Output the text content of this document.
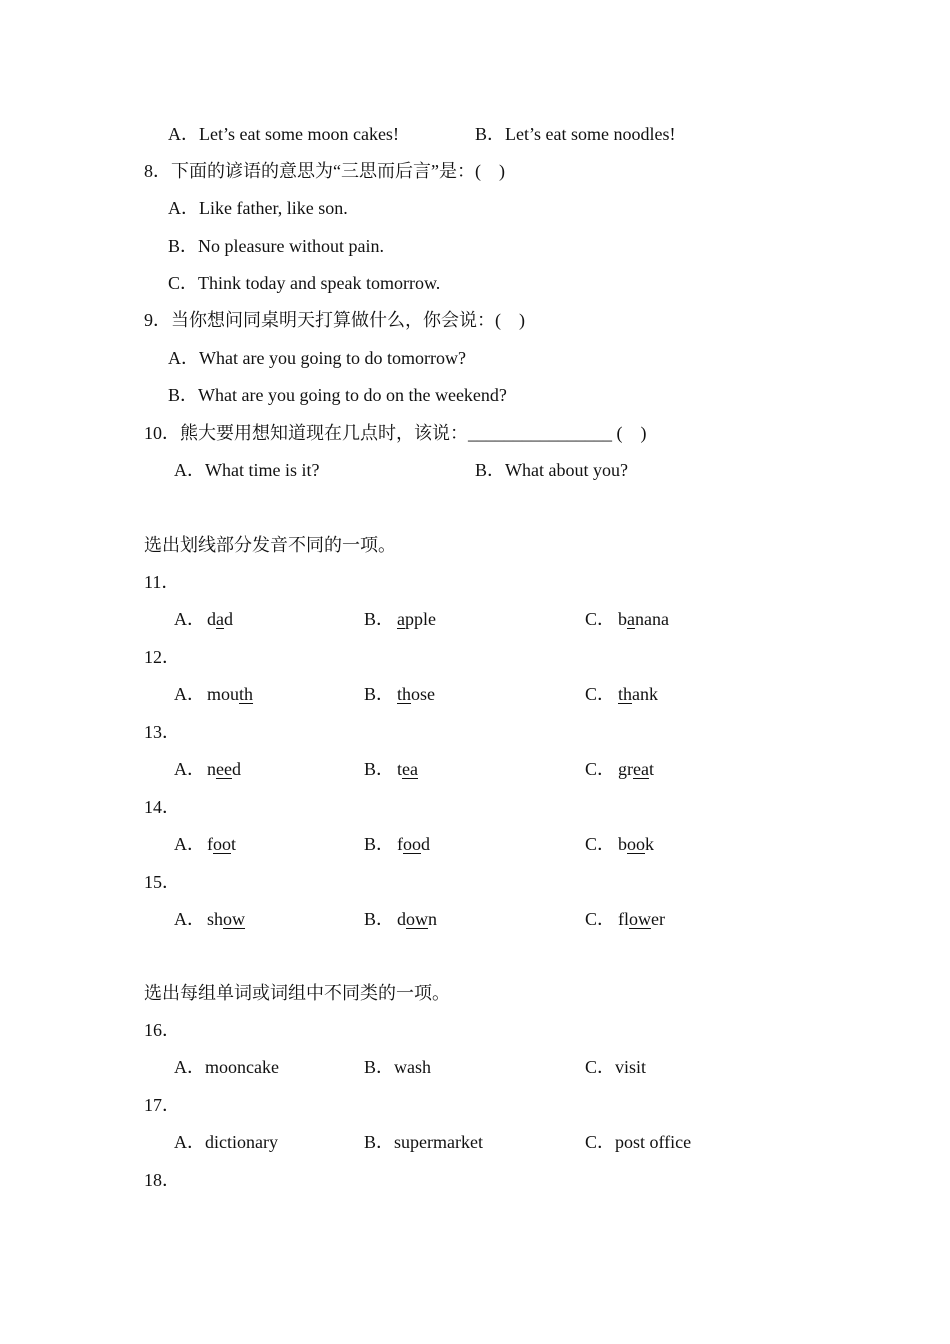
A．Let’s eat some moon cakes!	B．Let’s eat some noodles!
8．下面的谚语的意思为“三思而后言”是：(　)
A．Like father, like son.
B．No pleasure without pain.
C．Think today and speak tomorrow.
9．当你想问同桌明天打算做什么，你会说：(　)
A．What are you going to do tomorrow?
B．What are you going to do on the weekend?
10．熊大要用想知道现在几点时，该说：________________ (　)
A．What time is it?	B．What about you?
选出划线部分发音不同的一项。
11．
A． dad	B． apple	C． banana
12．
A． mouth	B． those	C． thank
13．
A． need	B． tea	C． great
14．
A． foot	B． food	C． book
15．
A． show	B． down	C． flower
选出每组单词或词组中不同类的一项。
16．
A．mooncake	B．wash	C．visit
17．
A．dictionary	B．supermarket	C．post office
18．
